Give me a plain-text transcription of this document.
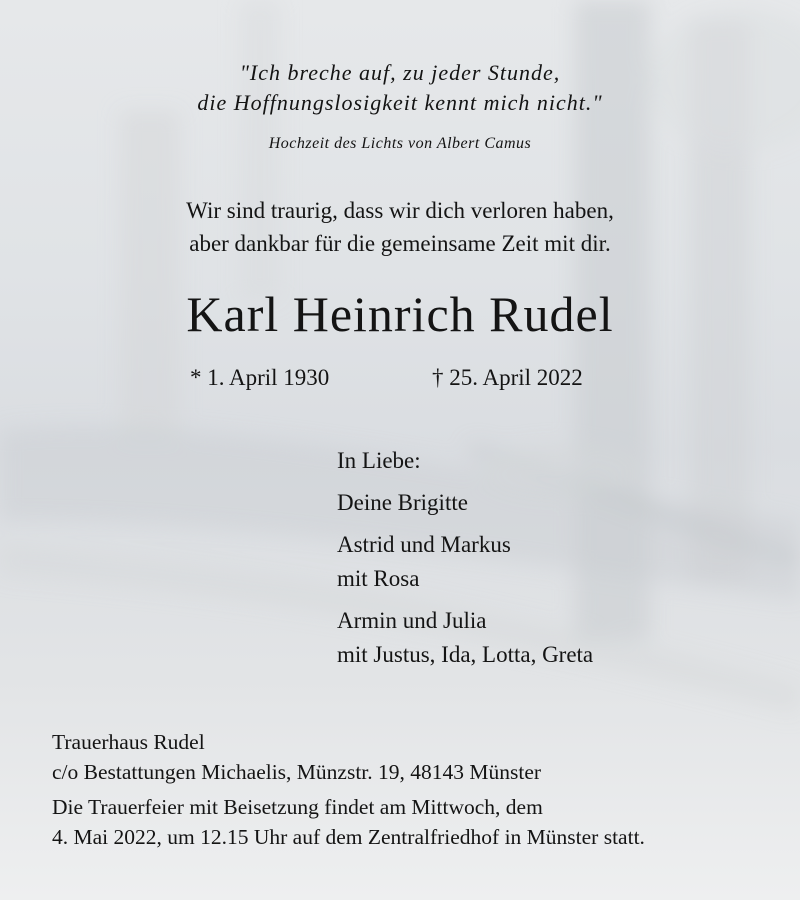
"Ich breche auf, zu jeder Stunde,
die Hoffnungslosigkeit kennt mich nicht."
Hochzeit des Lichts von Albert Camus
Wir sind traurig, dass wir dich verloren haben,
aber dankbar für die gemeinsame Zeit mit dir.
Karl Heinrich Rudel
* 1. April 1930	† 25. April 2022

In Liebe:

Deine Brigitte

Astrid und Markus

mit Rosa

Armin und Julia

mit Justus, Ida, Lotta, Greta

Trauerhaus Rudel

c/o Bestattungen Michaelis, Münzstr. 19, 48143 Münster

Die Trauerfeier mit Beisetzung findet am Mittwoch, dem

4. Mai 2022, um 12.15 Uhr auf dem Zentralfriedhof in Münster statt.
